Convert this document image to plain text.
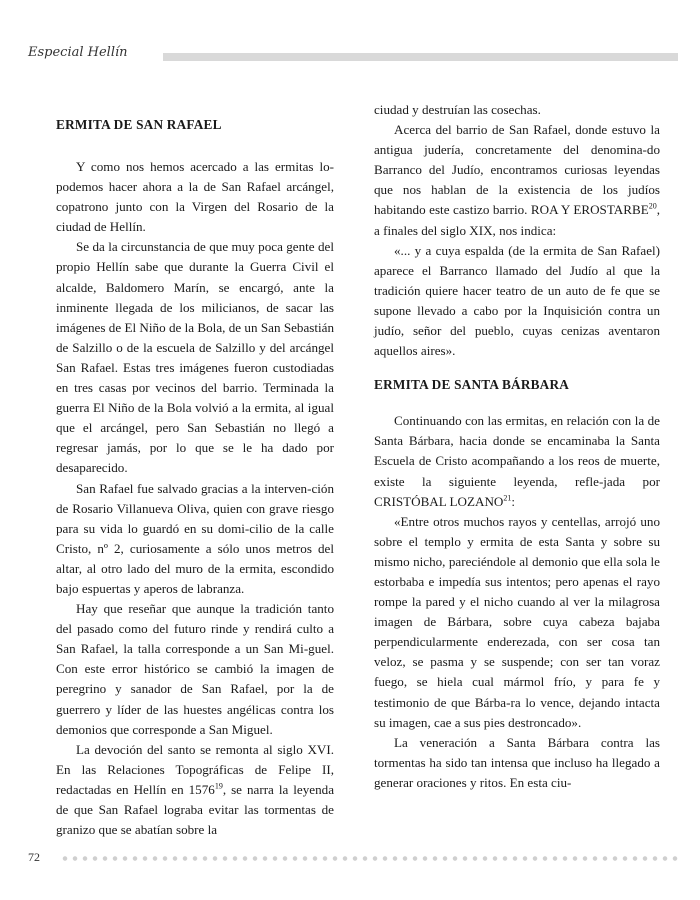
Especial Hellín
ERMITA DE SAN RAFAEL

Y como nos hemos acercado a las ermitas lo-podemos hacer ahora a la de San Rafael arcángel, copatrono junto con la Virgen del Rosario de la ciudad de Hellín.

Se da la circunstancia de que muy poca gente del propio Hellín sabe que durante la Guerra Civil el alcalde, Baldomero Marín, se encargó, ante la inminente llegada de los milicianos, de sacar las imágenes de El Niño de la Bola, de un San Sebastián de Salzillo o de la escuela de Salzillo y del arcángel San Rafael. Estas tres imágenes fueron custodiadas en tres casas por vecinos del barrio. Terminada la guerra El Niño de la Bola volvió a la ermita, al igual que el arcángel, pero San Sebastián no llegó a regresar jamás, por lo que se le ha dado por desaparecido.

San Rafael fue salvado gracias a la interven-ción de Rosario Villanueva Oliva, quien con grave riesgo para su vida lo guardó en su domi-cilio de la calle Cristo, nº 2, curiosamente a sólo unos metros del altar, al otro lado del muro de la ermita, escondido bajo espuertas y aperos de labranza.

Hay que reseñar que aunque la tradición tanto del pasado como del futuro rinde y rendirá culto a San Rafael, la talla corresponde a un San Mi-guel. Con este error histórico se cambió la imagen de peregrino y sanador de San Rafael, por la de guerrero y líder de las huestes angélicas contra los demonios que corresponde a San Miguel.

La devoción del santo se remonta al siglo XVI. En las Relaciones Topográficas de Felipe II, redactadas en Hellín en 1576$^{19}$, se narra la leyenda de que San Rafael lograba evitar las tormentas de granizo que se abatían sobre la

ciudad y destruían las cosechas.

Acerca del barrio de San Rafael, donde estuvo la antigua judería, concretamente del denomina-do Barranco del Judío, encontramos curiosas leyendas que nos hablan de la existencia de los judíos habitando este castizo barrio. ROA Y EROSTARBE$^{20}$, a finales del siglo XIX, nos indica:

«... y a cuya espalda (de la ermita de San Rafael) aparece el Barranco llamado del Judío al que la tradición quiere hacer teatro de un auto de fe que se supone llevado a cabo por la Inquisición contra un judío, señor del pueblo, cuyas cenizas aventaron aquellos aires».

ERMITA DE SANTA BÁRBARA

Continuando con las ermitas, en relación con la de Santa Bárbara, hacia donde se encaminaba la Santa Escuela de Cristo acompañando a los reos de muerte, existe la siguiente leyenda, refle-jada por CRISTÓBAL LOZANO$^{21}$:

«Entre otros muchos rayos y centellas, arrojó uno sobre el templo y ermita de esta Santa y sobre su mismo nicho, pareciéndole al demonio que ella sola le estorbaba e impedía sus intentos; pero apenas el rayo rompe la pared y el nicho cuando al ver la milagrosa imagen de Bárbara, sobre cuya cabeza bajaba perpendicularmente enderezada, con ser cosa tan veloz, se pasma y se suspende; con ser tan voraz fuego, se hiela cual mármol frío, y para fe y testimonio de que Bárba-ra lo vence, dejando intacta su imagen, cae a sus pies destroncado».

La veneración a Santa Bárbara contra las tormentas ha sido tan intensa que incluso ha llegado a generar oraciones y ritos. En esta ciu-

72
